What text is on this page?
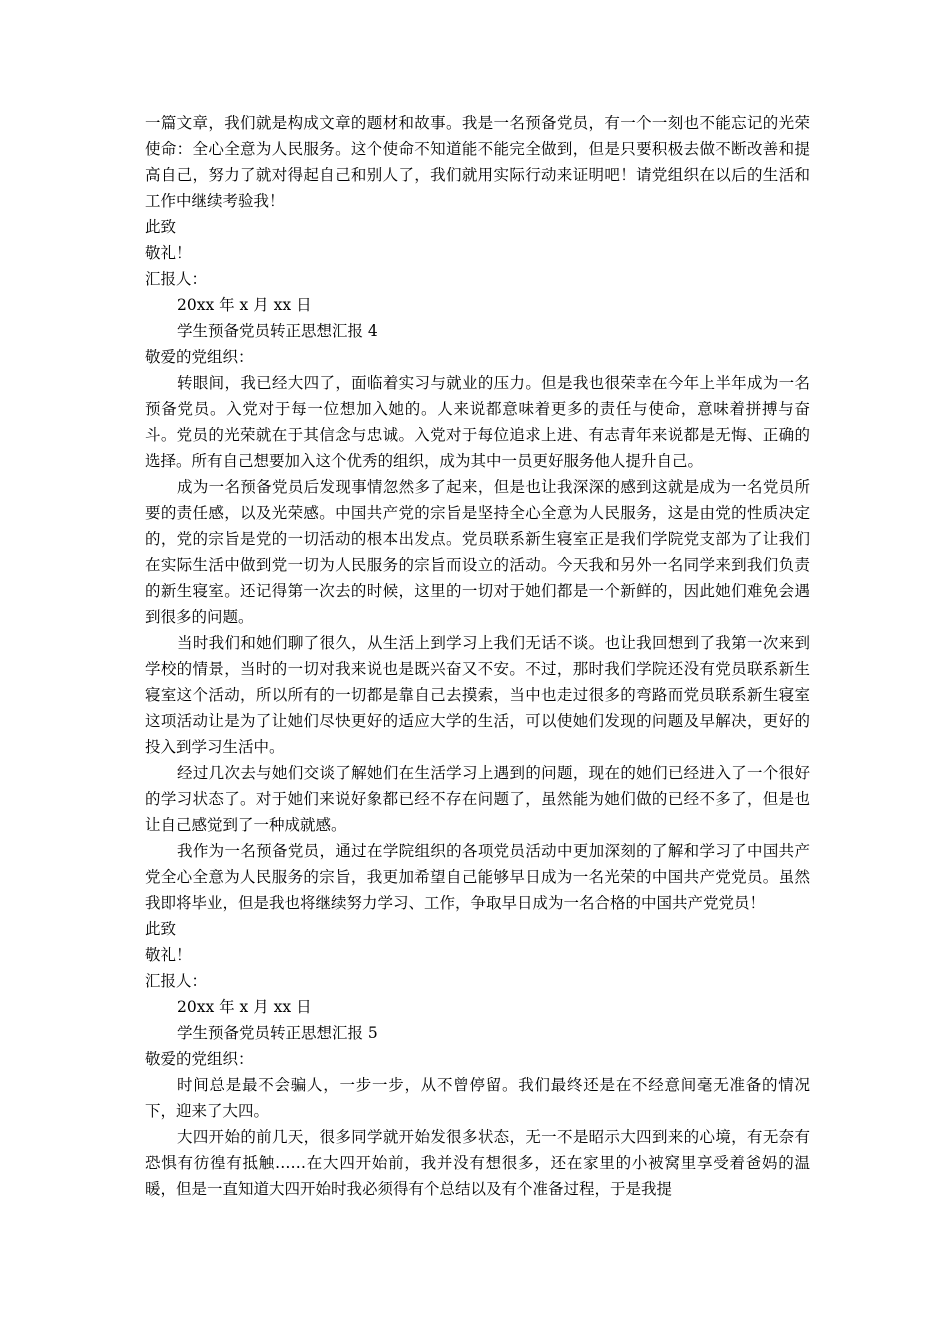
一篇文章，我们就是构成文章的题材和故事。我是一名预备党员，有一个一刻也不能忘记的光荣使命：全心全意为人民服务。这个使命不知道能不能完全做到，但是只要积极去做不断改善和提高自己，努力了就对得起自己和别人了，我们就用实际行动来证明吧！请党组织在以后的生活和工作中继续考验我！

此致

敬礼！

汇报人：

20xx 年 x 月 xx 日

学生预备党员转正思想汇报 4

敬爱的党组织：

转眼间，我已经大四了，面临着实习与就业的压力。但是我也很荣幸在今年上半年成为一名预备党员。入党对于每一位想加入她的。人来说都意味着更多的责任与使命，意味着拼搏与奋斗。党员的光荣就在于其信念与忠诚。入党对于每位追求上进、有志青年来说都是无悔、正确的选择。所有自己想要加入这个优秀的组织，成为其中一员更好服务他人提升自己。

成为一名预备党员后发现事情忽然多了起来，但是也让我深深的感到这就是成为一名党员所要的责任感，以及光荣感。中国共产党的宗旨是坚持全心全意为人民服务，这是由党的性质决定的，党的宗旨是党的一切活动的根本出发点。党员联系新生寝室正是我们学院党支部为了让我们在实际生活中做到党一切为人民服务的宗旨而设立的活动。今天我和另外一名同学来到我们负责的新生寝室。还记得第一次去的时候，这里的一切对于她们都是一个新鲜的，因此她们难免会遇到很多的问题。

当时我们和她们聊了很久，从生活上到学习上我们无话不谈。也让我回想到了我第一次来到学校的情景，当时的一切对我来说也是既兴奋又不安。不过，那时我们学院还没有党员联系新生寝室这个活动，所以所有的一切都是靠自己去摸索，当中也走过很多的弯路而党员联系新生寝室这项活动让是为了让她们尽快更好的适应大学的生活，可以使她们发现的问题及早解决，更好的投入到学习生活中。

经过几次去与她们交谈了解她们在生活学习上遇到的问题，现在的她们已经进入了一个很好的学习状态了。对于她们来说好象都已经不存在问题了，虽然能为她们做的已经不多了，但是也让自己感觉到了一种成就感。

我作为一名预备党员，通过在学院组织的各项党员活动中更加深刻的了解和学习了中国共产党全心全意为人民服务的宗旨，我更加希望自己能够早日成为一名光荣的中国共产党党员。虽然我即将毕业，但是我也将继续努力学习、工作，争取早日成为一名合格的中国共产党党员！

此致

敬礼！

汇报人：

20xx 年 x 月 xx 日

学生预备党员转正思想汇报 5

敬爱的党组织：

时间总是最不会骗人，一步一步，从不曾停留。我们最终还是在不经意间毫无准备的情况下，迎来了大四。

大四开始的前几天，很多同学就开始发很多状态，无一不是昭示大四到来的心境，有无奈有恐惧有彷徨有抵触……在大四开始前，我并没有想很多，还在家里的小被窝里享受着爸妈的温暖，但是一直知道大四开始时我必须得有个总结以及有个准备过程，于是我提
